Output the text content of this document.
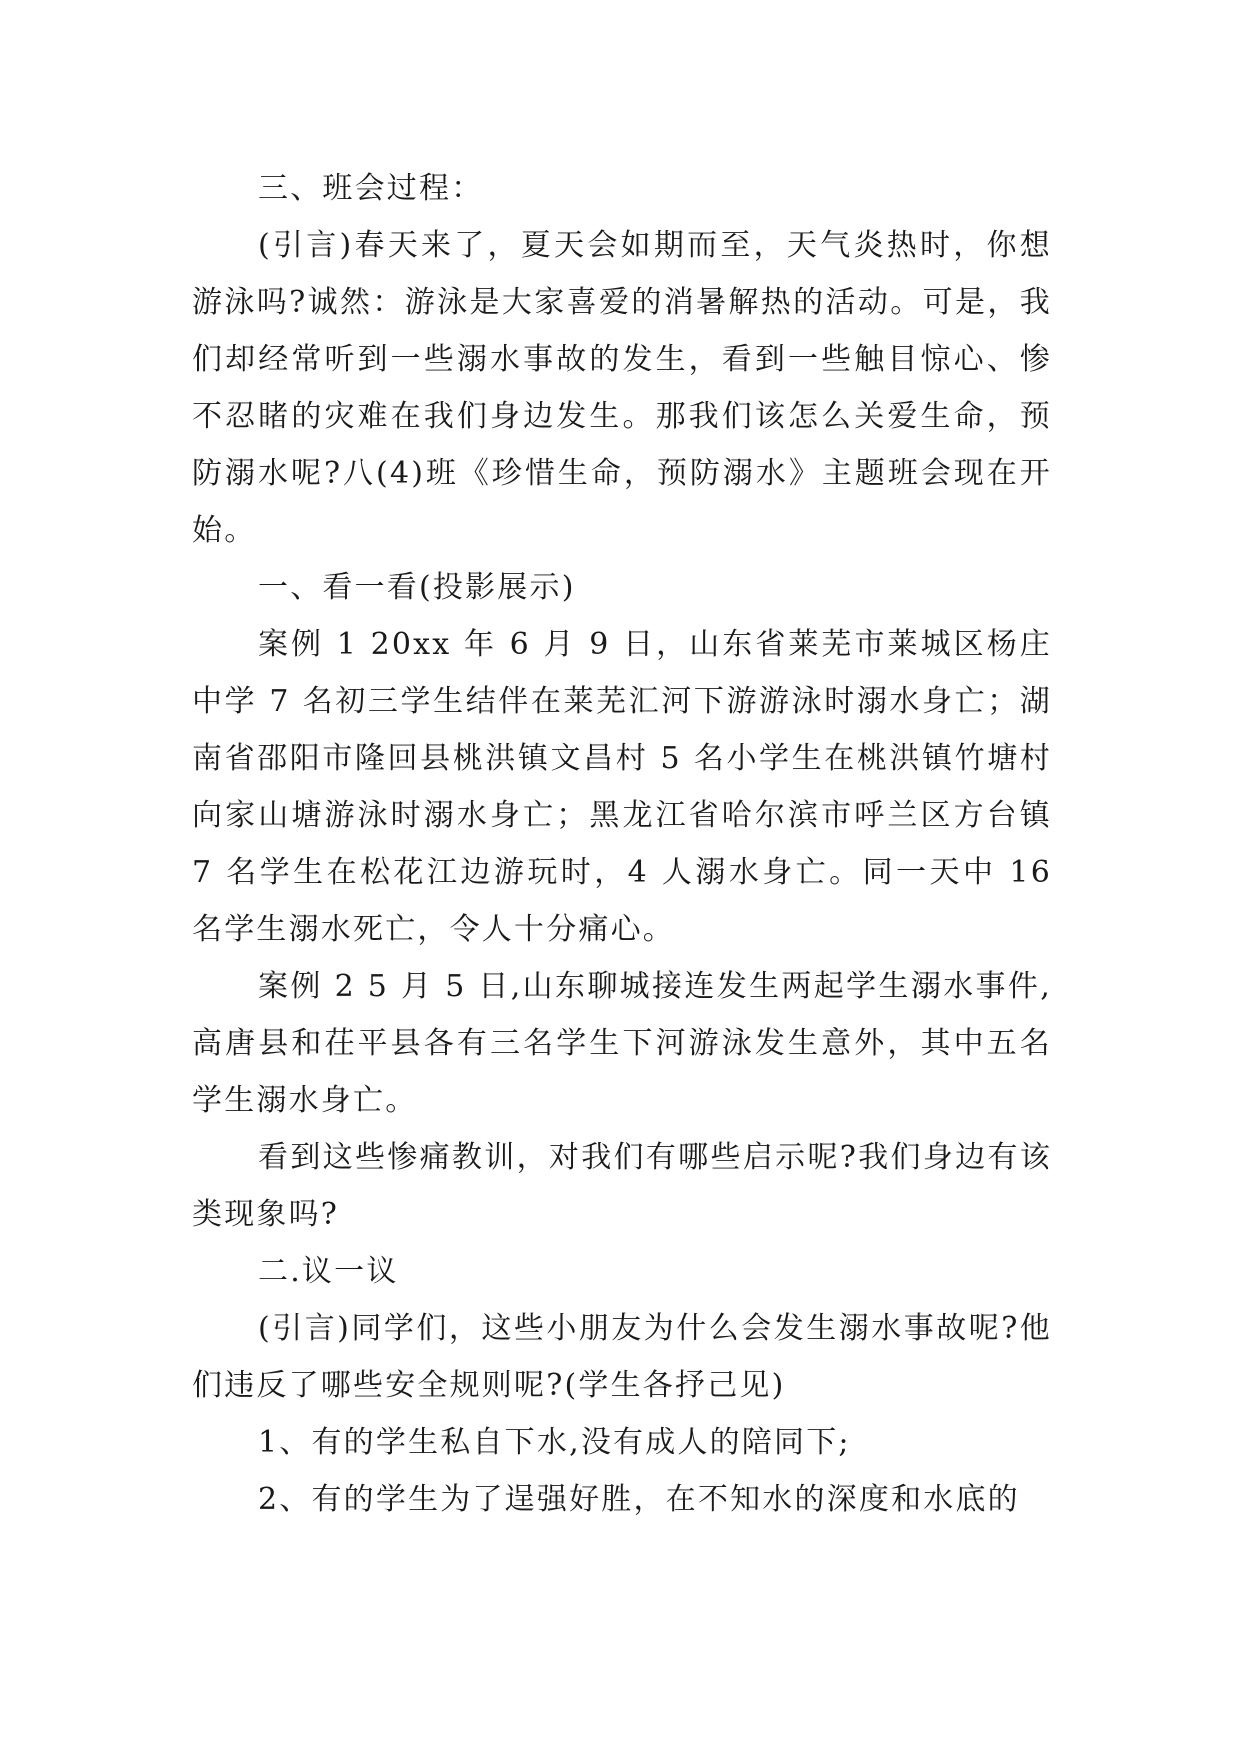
三、班会过程：

(引言)春天来了，夏天会如期而至，天气炎热时，你想游泳吗?诚然：游泳是大家喜爱的消暑解热的活动。可是，我们却经常听到一些溺水事故的发生，看到一些触目惊心、惨不忍睹的灾难在我们身边发生。那我们该怎么关爱生命，预防溺水呢?八(4)班《珍惜生命，预防溺水》主题班会现在开始。

一、看一看(投影展示)

案例 1 20xx 年 6 月 9 日，山东省莱芜市莱城区杨庄中学 7 名初三学生结伴在莱芜汇河下游游泳时溺水身亡；湖南省邵阳市隆回县桃洪镇文昌村 5 名小学生在桃洪镇竹塘村向家山塘游泳时溺水身亡；黑龙江省哈尔滨市呼兰区方台镇 7 名学生在松花江边游玩时，4 人溺水身亡。同一天中 16 名学生溺水死亡，令人十分痛心。

案例 2 5 月 5 日,山东聊城接连发生两起学生溺水事件,高唐县和茌平县各有三名学生下河游泳发生意外，其中五名学生溺水身亡。

看到这些惨痛教训，对我们有哪些启示呢?我们身边有该类现象吗?

二.议一议

(引言)同学们，这些小朋友为什么会发生溺水事故呢?他们违反了哪些安全规则呢?(学生各抒己见)

1、有的学生私自下水,没有成人的陪同下;

2、有的学生为了逞强好胜，在不知水的深度和水底的
